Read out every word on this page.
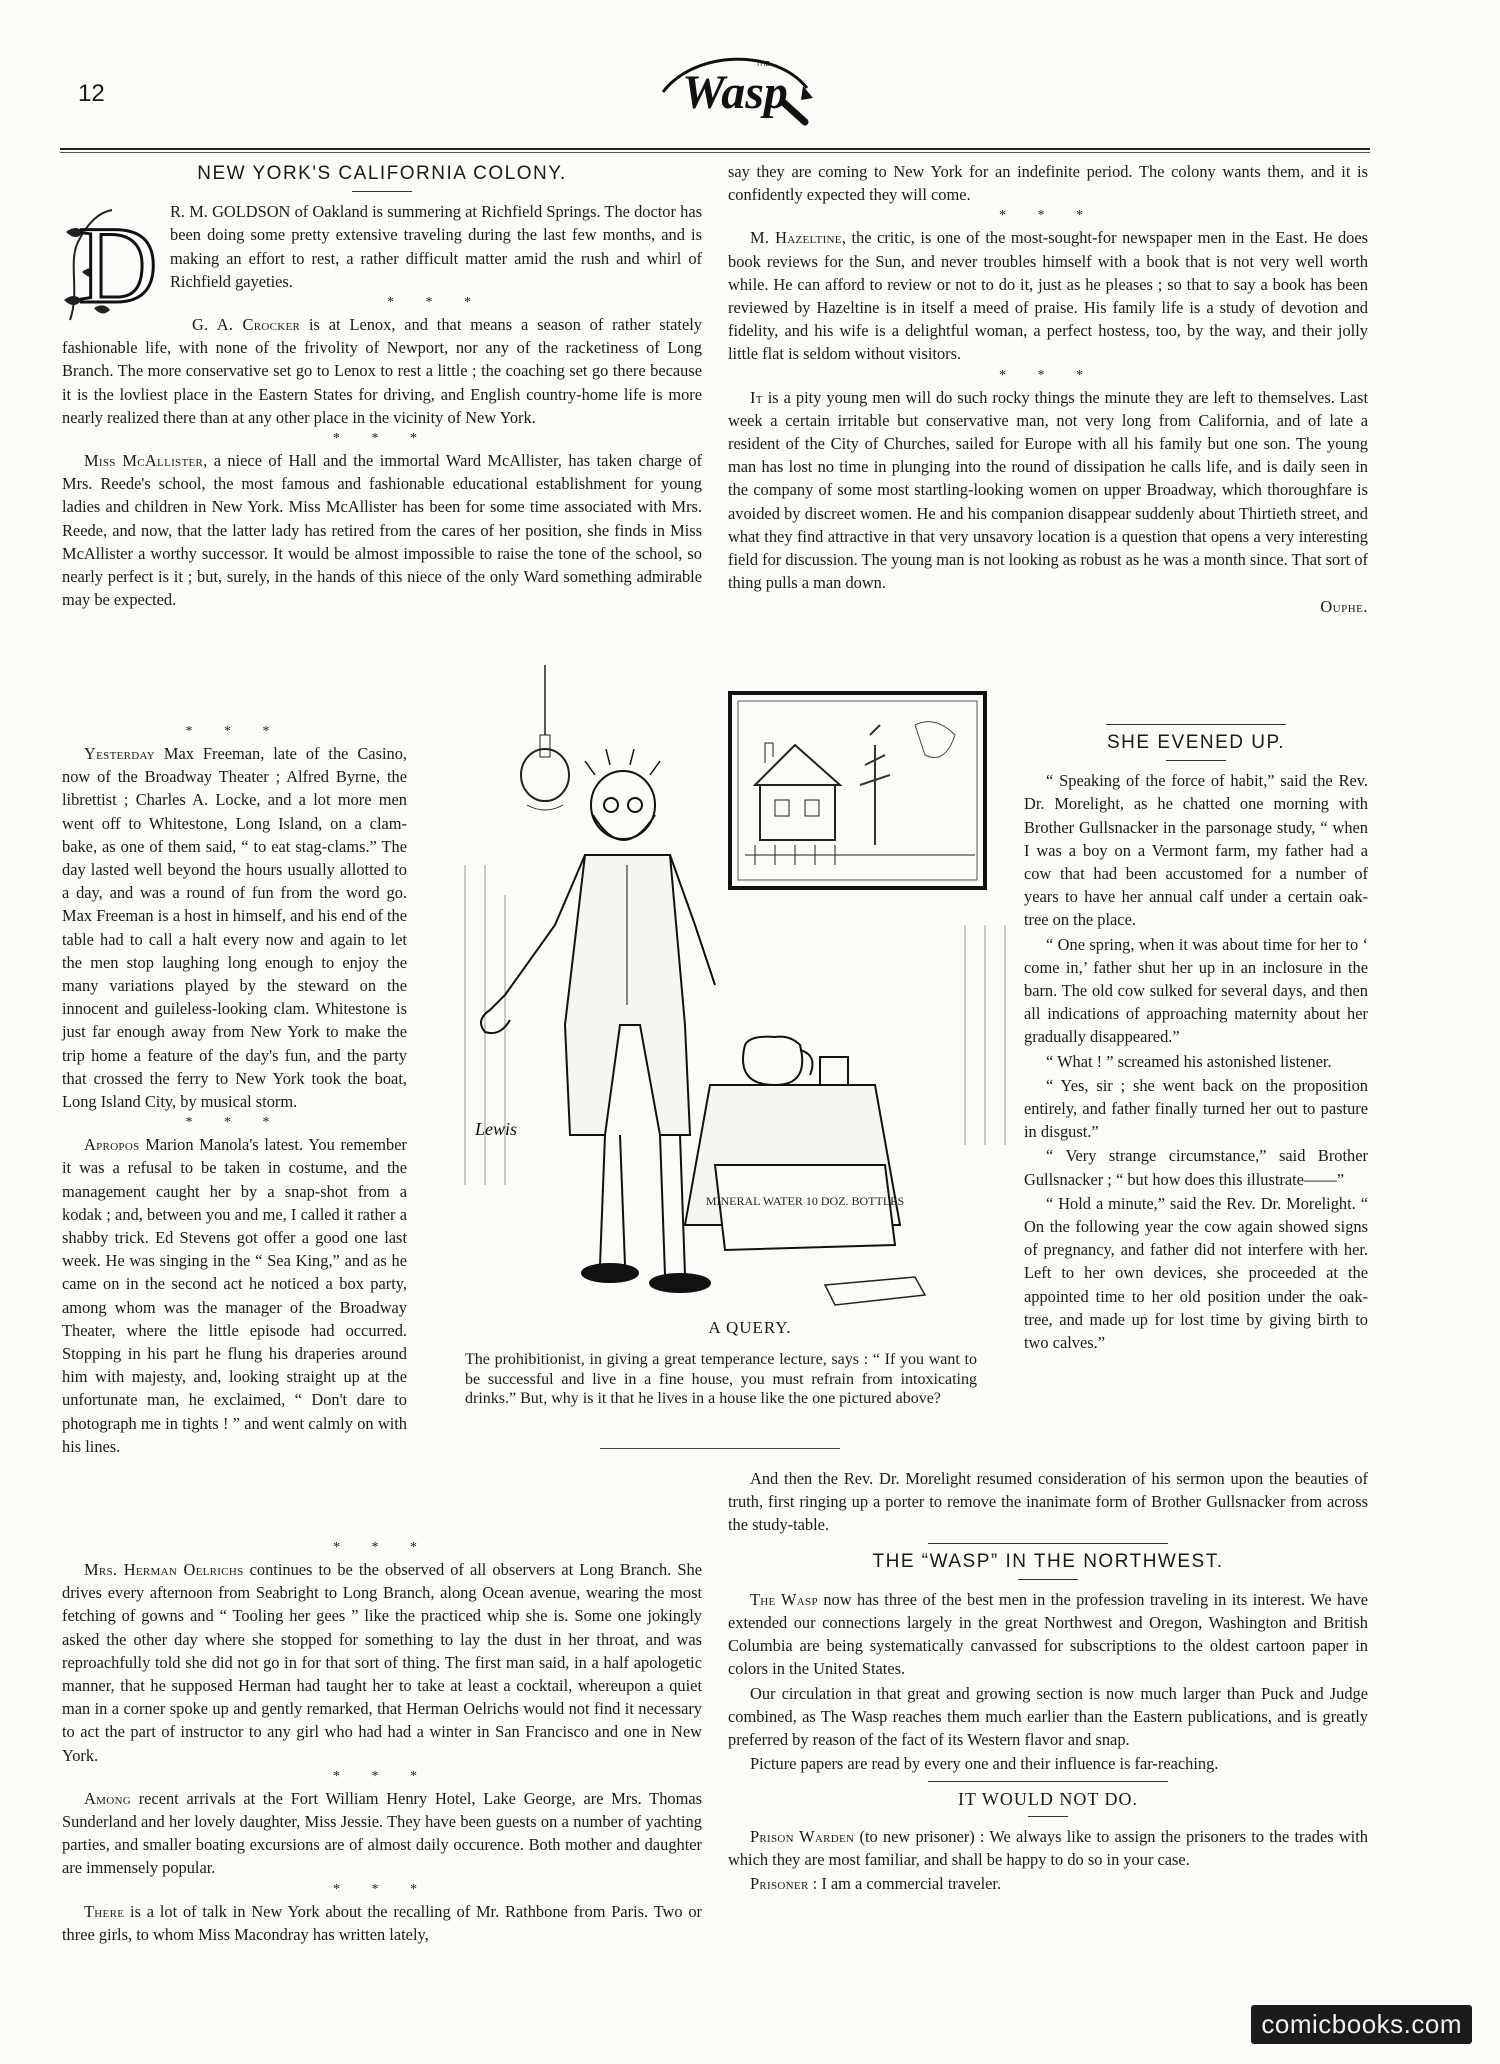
12	Wasp
THE
NEW YORK'S CALIFORNIA COLONY.

D R. M. GOLDSON of Oakland is summering at Richfield Springs. The doctor has been doing some pretty extensive traveling during the last few months, and is making an effort to rest, a rather difficult matter amid the rush and whirl of Richfield gayeties.

* * *

G. A. Crocker is at Lenox, and that means a season of rather stately fashionable life, with none of the frivolity of Newport, nor any of the racketiness of Long Branch. The more conservative set go to Lenox to rest a little ; the coaching set go there because it is the lovliest place in the Eastern States for driving, and English country-home life is more nearly realized there than at any other place in the vicinity of New York.

* * *

Miss McAllister, a niece of Hall and the immortal Ward McAllister, has taken charge of Mrs. Reede's school, the most famous and fashionable educational establishment for young ladies and children in New York. Miss McAllister has been for some time associated with Mrs. Reede, and now, that the latter lady has retired from the cares of her position, she finds in Miss McAllister a worthy successor. It would be almost impossible to raise the tone of the school, so nearly perfect is it ; but, surely, in the hands of this niece of the only Ward something admirable may be expected.

* * *

Yesterday Max Freeman, late of the Casino, now of the Broadway Theater ; Alfred Byrne, the librettist ; Charles A. Locke, and a lot more men went off to Whitestone, Long Island, on a clam-bake, as one of them said, “ to eat stag-clams.” The day lasted well beyond the hours usually allotted to a day, and was a round of fun from the word go. Max Freeman is a host in himself, and his end of the table had to call a halt every now and again to let the men stop laughing long enough to enjoy the many variations played by the steward on the innocent and guileless-looking clam. Whitestone is just far enough away from New York to make the trip home a feature of the day's fun, and the party that crossed the ferry to New York took the boat, Long Island City, by musical storm.

* * *

Apropos Marion Manola's latest. You remember it was a refusal to be taken in costume, and the management caught her by a snap-shot from a kodak ; and, between you and me, I called it rather a shabby trick. Ed Stevens got offer a good one last week. He was singing in the “ Sea King,” and as he came on in the second act he noticed a box party, among whom was the manager of the Broadway Theater, where the little episode had occurred. Stopping in his part he flung his draperies around him with majesty, and, looking straight up at the unfortunate man, he exclaimed, “ Don't dare to photograph me in tights ! ” and went calmly on with his lines.

* * *

Mrs. Herman Oelrichs continues to be the observed of all observers at Long Branch. She drives every afternoon from Seabright to Long Branch, along Ocean avenue, wearing the most fetching of gowns and “ Tooling her gees ” like the practiced whip she is. Some one jokingly asked the other day where she stopped for something to lay the dust in her throat, and was reproachfully told she did not go in for that sort of thing. The first man said, in a half apologetic manner, that he supposed Herman had taught her to take at least a cocktail, whereupon a quiet man in a corner spoke up and gently remarked, that Herman Oelrichs would not find it necessary to act the part of instructor to any girl who had had a winter in San Francisco and one in New York.

* * *

Among recent arrivals at the Fort William Henry Hotel, Lake George, are Mrs. Thomas Sunderland and her lovely daughter, Miss Jessie. They have been guests on a number of yachting parties, and smaller boating excursions are of almost daily occurence. Both mother and daughter are immensely popular.

* * *

There is a lot of talk in New York about the recalling of Mr. Rathbone from Paris. Two or three girls, to whom Miss Macondray has written lately,

say they are coming to New York for an indefinite period. The colony wants them, and it is confidently expected they will come.

* * *

M. Hazeltine, the critic, is one of the most-sought-for newspaper men in the East. He does book reviews for the Sun, and never troubles himself with a book that is not very well worth while. He can afford to review or not to do it, just as he pleases ; so that to say a book has been reviewed by Hazeltine is in itself a meed of praise. His family life is a study of devotion and fidelity, and his wife is a delightful woman, a perfect hostess, too, by the way, and their jolly little flat is seldom without visitors.

* * *

It is a pity young men will do such rocky things the minute they are left to themselves. Last week a certain irritable but conservative man, not very long from California, and of late a resident of the City of Churches, sailed for Europe with all his family but one son. The young man has lost no time in plunging into the round of dissipation he calls life, and is daily seen in the company of some most startling-looking women on upper Broadway, which thoroughfare is avoided by discreet women. He and his companion disappear suddenly about Thirtieth street, and what they find attractive in that very unsavory location is a question that opens a very interesting field for discussion. The young man is not looking as robust as he was a month since. That sort of thing pulls a man down.

Ouphe.
SHE EVENED UP.

“ Speaking of the force of habit,” said the Rev. Dr. Morelight, as he chatted one morning with Brother Gullsnacker in the parsonage study, “ when I was a boy on a Vermont farm, my father had a cow that had been accustomed for a number of years to have her annual calf under a certain oak-tree on the place.

“ One spring, when it was about time for her to ‘ come in,’ father shut her up in an inclosure in the barn. The old cow sulked for several days, and then all indications of approaching maternity about her gradually disappeared.”

“ What ! ” screamed his astonished listener.

“ Yes, sir ; she went back on the proposition entirely, and father finally turned her out to pasture in disgust.”

“ Very strange circumstance,” said Brother Gullsnacker ; “ but how does this illustrate——”

“ Hold a minute,” said the Rev. Dr. Morelight. “ On the following year the cow again showed signs of pregnancy, and father did not interfere with her. Left to her own devices, she proceeded at the appointed time to her old position under the oak-tree, and made up for lost time by giving birth to two calves.”

And then the Rev. Dr. Morelight resumed consideration of his sermon upon the beauties of truth, first ringing up a porter to remove the inanimate form of Brother Gullsnacker from across the study-table.

THE “WASP” IN THE NORTHWEST.

The Wasp now has three of the best men in the profession traveling in its interest. We have extended our connections largely in the great Northwest and Oregon, Washington and British Columbia are being systematically canvassed for subscriptions to the oldest cartoon paper in colors in the United States.

Our circulation in that great and growing section is now much larger than Puck and Judge combined, as The Wasp reaches them much earlier than the Eastern publications, and is greatly preferred by reason of the fact of its Western flavor and snap.

Picture papers are read by every one and their influence is far-reaching.

IT WOULD NOT DO.

Prison Warden (to new prisoner) : We always like to assign the prisoners to the trades with which they are most familiar, and shall be happy to do so in your case.

Prisoner : I am a commercial traveler.

MINERAL WATER 10 DOZ. BOTTLES
Lewis
A QUERY.
The prohibitionist, in giving a great temperance lecture, says : “ If you want to be successful and live in a fine house, you must refrain from intoxicating drinks.” But, why is it that he lives in a house like the one pictured above?
comicbooks.com
